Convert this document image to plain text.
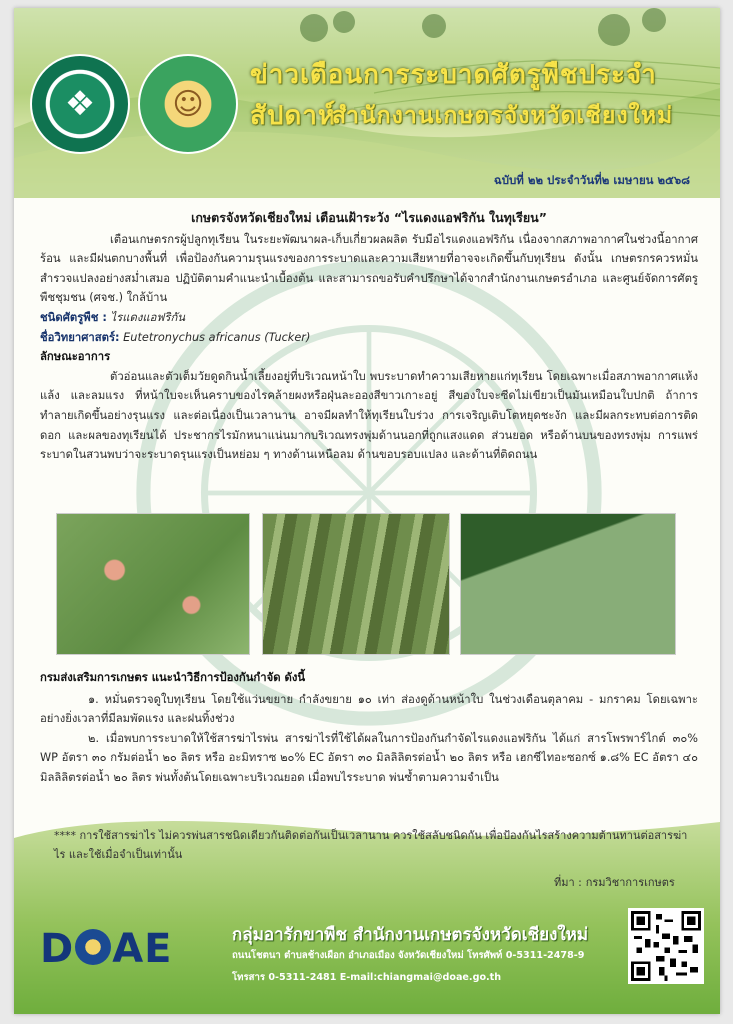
❖	☺
ข่าวเตือนการระบาดศัตรูพืชประจำสัปดาห์
สำนักงานเกษตรจังหวัดเชียงใหม่
ฉบับที่ ๒๒ ประจำวันที่๒ เมษายน ๒๕๖๘
เกษตรจังหวัดเชียงใหม่ เตือนเฝ้าระวัง “ไรแดงแอฟริกัน ในทุเรียน”

เตือนเกษตรกรผู้ปลูกทุเรียน ในระยะพัฒนาผล-เก็บเกี่ยวผลผลิต รับมือไรแดงแอฟริกัน เนื่องจากสภาพอากาศในช่วงนี้อากาศร้อน และมีฝนตกบางพื้นที่ เพื่อป้องกันความรุนแรงของการระบาดและความเสียหายที่อาจจะเกิดขึ้นกับทุเรียน ดังนั้น เกษตรกรควรหมั่นสำรวจแปลงอย่างสม่ำเสมอ ปฏิบัติตามคำแนะนำเบื้องต้น และสามารถขอรับคำปรึกษาได้จากสำนักงานเกษตรอำเภอ และศูนย์จัดการศัตรูพืชชุมชน (ศจช.) ใกล้บ้าน

ชนิดศัตรูพืช : ไรแดงแอฟริกัน

ชื่อวิทยาศาสตร์: Eutetronychus africanus (Tucker)

ลักษณะอาการ

ตัวอ่อนและตัวเต็มวัยดูดกินน้ำเลี้ยงอยู่ที่บริเวณหน้าใบ พบระบาดทำความเสียหายแก่ทุเรียน โดยเฉพาะเมื่อสภาพอากาศแห้งแล้ง และลมแรง ที่หน้าใบจะเห็นคราบของไรคล้ายผงหรือฝุ่นละอองสีขาวเกาะอยู่ สีของใบจะซีดไม่เขียวเป็นมันเหมือนใบปกติ ถ้าการทำลายเกิดขึ้นอย่างรุนแรง และต่อเนื่องเป็นเวลานาน อาจมีผลทำให้ทุเรียนใบร่วง การเจริญเติบโตหยุดชะงัก และมีผลกระทบต่อการติดดอก และผลของทุเรียนได้ ประชากรไรมักหนาแน่นมากบริเวณทรงพุ่มด้านนอกที่ถูกแสงแดด ส่วนยอด หรือด้านบนของทรงพุ่ม การแพร่ระบาดในสวนพบว่าจะระบาดรุนแรงเป็นหย่อม ๆ ทางด้านเหนือลม ด้านขอบรอบแปลง และด้านที่ติดถนน

กรมส่งเสริมการเกษตร แนะนำวิธีการป้องกันกำจัด ดังนี้

๑. หมั่นตรวจดูใบทุเรียน โดยใช้แว่นขยาย กำลังขยาย ๑๐ เท่า ส่องดูด้านหน้าใบ ในช่วงเดือนตุลาคม - มกราคม โดยเฉพาะอย่างยิ่งเวลาที่มีลมพัดแรง และฝนทิ้งช่วง

๒. เมื่อพบการระบาดให้ใช้สารฆ่าไรพ่น สารฆ่าไรที่ใช้ได้ผลในการป้องกันกำจัดไรแดงแอฟริกัน ได้แก่ สารโพรพาร์ไกต์ ๓๐% WP อัตรา ๓๐ กรัมต่อน้ำ ๒๐ ลิตร หรือ อะมิทราซ ๒๐% EC อัตรา ๓๐ มิลลิลิตรต่อน้ำ ๒๐ ลิตร หรือ เฮกซีไทอะซอกซ์ ๑.๘% EC อัตรา ๔๐ มิลลิลิตรต่อน้ำ ๒๐ ลิตร พ่นทั้งต้นโดยเฉพาะบริเวณยอด เมื่อพบไรระบาด พ่นซ้ำตามความจำเป็น

**** การใช้สารฆ่าไร ไม่ควรพ่นสารชนิดเดียวกันติดต่อกันเป็นเวลานาน ควรใช้สลับชนิดกัน เพื่อป้องกันไรสร้างความต้านทานต่อสารฆ่าไร และใช้เมื่อจำเป็นเท่านั้น
ที่มา : กรมวิชาการเกษตร
D AE	กลุ่มอารักขาพืช สำนักงานเกษตรจังหวัดเชียงใหม่
ถนนโชตนา ตำบลช้างเผือก อำเภอเมือง จังหวัดเชียงใหม่ โทรศัพท์ 0-5311-2478-9
โทรสาร 0-5311-2481 E-mail:chiangmai@doae.go.th
